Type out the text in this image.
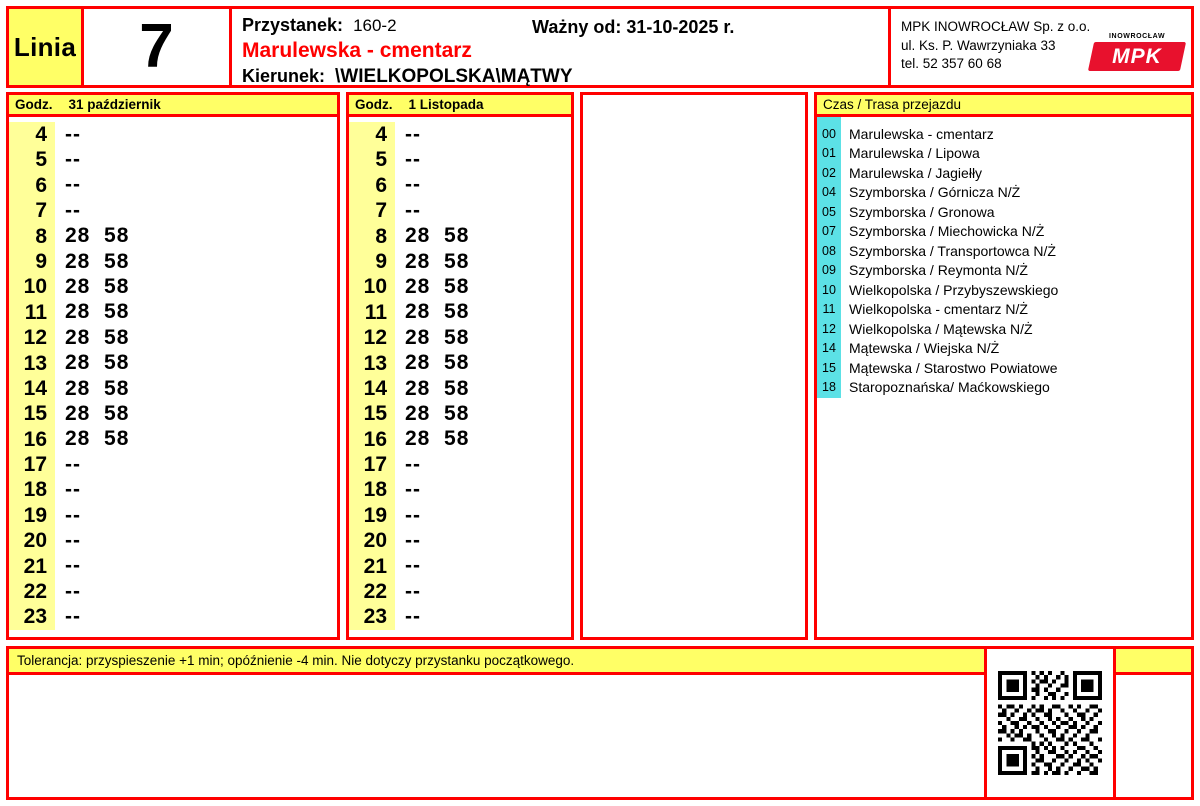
Linia 7	Przystanek: 160-2	Ważny od: 31-10-2025 r.
Marulewska - cmentarz
Kierunek: \WIELKOPOLSKA\MĄTWY
MPK INOWROCŁAW Sp. z o.o.
ul. Ks. P. Wawrzyniaka 33
tel. 52 357 60 68
INOWROCŁAW
MPK
Godz. 31 październik
4 --
5 --
6 --
7 --
8 28  58
9 28  58
10 28  58
11 28  58
12 28  58
13 28  58
14 28  58
15 28  58
16 28  58
17 --
18 --
19 --
20 --
21 --
22 --
23 --
Godz. 1 Listopada
4 --
5 --
6 --
7 --
8 28  58
9 28  58
10 28  58
11 28  58
12 28  58
13 28  58
14 28  58
15 28  58
16 28  58
17 --
18 --
19 --
20 --
21 --
22 --
23 --
Czas / Trasa przejazdu
00 Marulewska - cmentarz
01 Marulewska / Lipowa
02 Marulewska / Jagiełły
04 Szymborska / Górnicza N/Ż
05 Szymborska / Gronowa
07 Szymborska / Miechowicka N/Ż
08 Szymborska / Transportowca N/Ż
09 Szymborska / Reymonta N/Ż
10 Wielkopolska / Przybyszewskiego
11 Wielkopolska - cmentarz N/Ż
12 Wielkopolska / Mątewska N/Ż
14 Mątewska / Wiejska N/Ż
15 Mątewska / Starostwo Powiatowe
18 Staropoznańska/ Maćkowskiego
Tolerancja: przyspieszenie +1 min; opóźnienie -4 min. Nie dotyczy przystanku początkowego.
